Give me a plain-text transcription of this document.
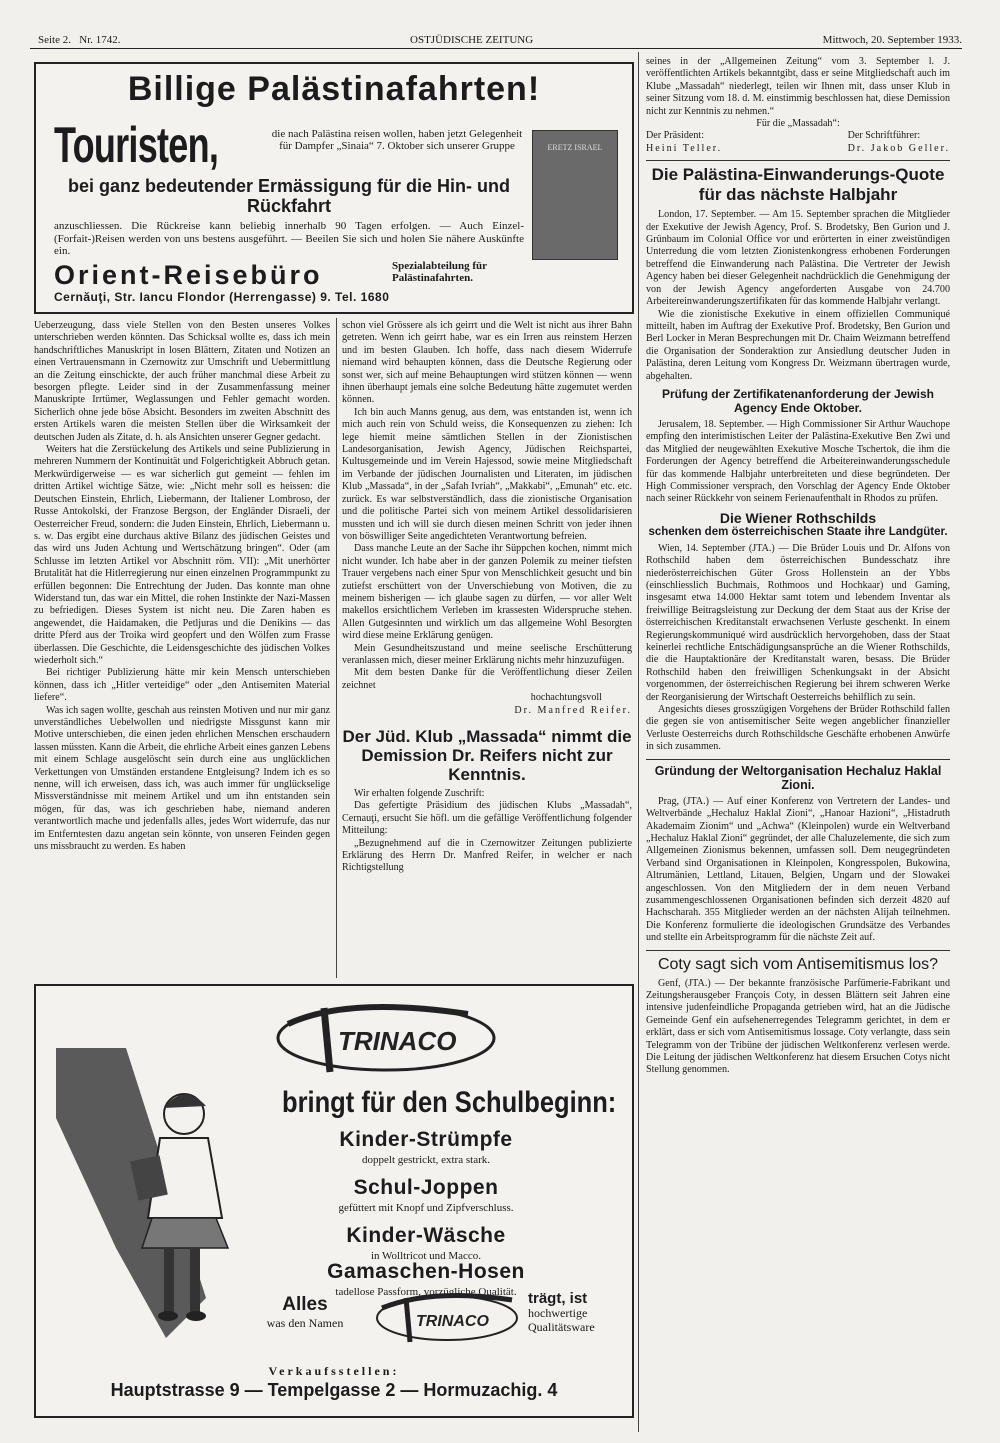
Seite 2. Nr. 1742.	OSTJÜDISCHE ZEITUNG	Mittwoch, 20. September 1933.
Billige Palästinafahrten!
Touristen,	die nach Palästina reisen wollen, haben jetzt Gelegenheit für Dampfer „Sinaia“ 7. Oktober sich unserer Gruppe
bei ganz bedeutender Ermässigung für die Hin- und Rückfahrt
anzuschliessen. Die Rückreise kann beliebig innerhalb 90 Tagen erfolgen. — Auch Einzel-(Forfait-)Reisen werden von uns bestens ausgeführt. — Beeilen Sie sich und holen Sie nähere Auskünfte ein.
Orient-Reisebüro	Spezialabteilung für Palästinafahrten.
Cernăuţi, Str. Iancu Flondor (Herrengasse) 9. Tel. 1680
ERETZ ISRAEL

Ueberzeugung, dass viele Stellen von den Besten unseres Volkes unterschrieben werden könnten. Das Schicksal wollte es, dass ich mein handschriftliches Manuskript in losen Blättern, Zitaten und Notizen an einen Vertrauensmann in Czernowitz zur Umschrift und Uebermittlung an die Zeitung einschickte, der auch früher manchmal diese Arbeit zu besorgen pflegte. Leider sind in der Zusammenfassung meiner Manuskripte Irrtümer, Weglassungen und Fehler gemacht worden. Sicherlich ohne jede böse Absicht. Besonders im zweiten Abschnitt des ersten Artikels waren die meisten Stellen über die Wirksamkeit der deutschen Juden als Zitate, d. h. als Ansichten unserer Gegner gedacht.

Weiters hat die Zerstückelung des Artikels und seine Publizierung in mehreren Nummern der Kontinuität und Folgerichtigkeit Abbruch getan. Merkwürdigerweise — es war sicherlich gut gemeint — fehlen im dritten Artikel wichtige Sätze, wie: „Nicht mehr soll es heissen: die Deutschen Einstein, Ehrlich, Liebermann, der Italiener Lombroso, der Russe Antokolski, der Franzose Bergson, der Engländer Disraeli, der Oesterreicher Freud, sondern: die Juden Einstein, Ehrlich, Liebermann u. s. w. Das ergibt eine durchaus aktive Bilanz des jüdischen Geistes und das wird uns Juden Achtung und Wertschätzung bringen“. Oder (am Schlusse im letzten Artikel vor Abschnitt röm. VII): „Mit unerhörter Brutalität hat die Hitlerregierung nur einen einzelnen Programmpunkt zu erfüllen begonnen: Die Entrechtung der Juden. Das konnte man ohne Widerstand tun, das war ein Mittel, die rohen Instinkte der Nazi-Massen zu befriedigen. Dieses System ist nicht neu. Die Zaren haben es angewendet, die Haidamaken, die Petljuras und die Denikins — das dritte Pferd aus der Troika wird geopfert und den Wölfen zum Frasse überlassen. Die Geschichte, die Leidensgeschichte des jüdischen Volkes wiederholt sich.“

Bei richtiger Publizierung hätte mir kein Mensch unterschieben können, dass ich „Hitler verteidige“ oder „den Antisemiten Material liefere“.

Was ich sagen wollte, geschah aus reinsten Motiven und nur mir ganz unverständliches Uebelwollen und niedrigste Missgunst kann mir Motive unterschieben, die einen jeden ehrlichen Menschen erschaudern lassen müssten. Kann die Arbeit, die ehrliche Arbeit eines ganzen Lebens mit einem Schlage ausgelöscht sein durch eine aus unglücklichen Verkettungen von Umständen erstandene Entgleisung? Indem ich es so nenne, will ich erweisen, dass ich, was auch immer für unglückselige Missverständnisse mit meinem Artikel und um ihn entstanden sein mögen, für das, was ich geschrieben habe, niemand anderen verantwortlich mache und jedenfalls alles, jedes Wort widerrufe, das nur im Entferntesten dazu angetan sein könnte, von unseren Feinden gegen uns missbraucht zu werden. Es haben

schon viel Grössere als ich geirrt und die Welt ist nicht aus ihrer Bahn getreten. Wenn ich geirrt habe, war es ein Irren aus reinstem Herzen und im besten Glauben. Ich hoffe, dass nach diesem Widerrufe niemand wird behaupten können, dass die Deutsche Regierung oder sonst wer, sich auf meine Behauptungen wird stützen können — wenn ihnen überhaupt jemals eine solche Bedeutung hätte zugemutet werden können.

Ich bin auch Manns genug, aus dem, was entstanden ist, wenn ich mich auch rein von Schuld weiss, die Konsequenzen zu ziehen: Ich lege hiemit meine sämtlichen Stellen in der Zionistischen Landesorganisation, Jewish Agency, Jüdischen Reichspartei, Kultusgemeinde und im Verein Hajessod, sowie meine Mitgliedschaft im Verbande der jüdischen Journalisten und Literaten, im jüdischen Klub „Massada“, in der „Safah Ivriah“, „Makkabi“, „Emunah“ etc. etc. zurück. Es war selbstverständlich, dass die zionistische Organisation und die politische Partei sich von meinem Artikel dessolidarisieren mussten und ich will sie durch diesen meinen Schritt von jeder ihnen von böswilliger Seite angedichteten Verantwortung befreien.

Dass manche Leute an der Sache ihr Süppchen kochen, nimmt mich nicht wunder. Ich habe aber in der ganzen Polemik zu meiner tiefsten Trauer vergebens nach einer Spur von Menschlichkeit gesucht und bin zutiefst erschüttert von der Unverschiebung von Motiven, die zu meinem bisherigen — ich glaube sagen zu dürfen, — vor aller Welt makellos ersichtlichem Verleben im krassesten Widerspruche stehen. Allen Gutgesinnten und wirklich um das allgemeine Wohl Besorgten wird diese meine Erklärung genügen.

Mein Gesundheitszustand und meine seelische Erschütterung veranlassen mich, dieser meiner Erklärung nichts mehr hinzuzufügen.

Mit dem besten Danke für die Veröffentlichung dieser Zeilen zeichnet

hochachtungsvoll
Dr. Manfred Reifer.
Der Jüd. Klub „Massada“ nimmt die Demission Dr. Reifers nicht zur Kenntnis.

Wir erhalten folgende Zuschrift:

Das gefertigte Präsidium des jüdischen Klubs „Massadah“, Cernauţi, ersucht Sie höfl. um die gefällige Veröffentlichung folgender Mitteilung:

„Bezugnehmend auf die in Czernowitzer Zeitungen publizierte Erklärung des Herrn Dr. Manfred Reifer, in welcher er nach Richtigstellung

seines in der „Allgemeinen Zeitung“ vom 3. September l. J. veröffentlichten Artikels bekanntgibt, dass er seine Mitgliedschaft auch im Klube „Massadah“ niederlegt, teilen wir Ihnen mit, dass unser Klub in seiner Sitzung vom 18. d. M. einstimmig beschlossen hat, diese Demission nicht zur Kenntnis zu nehmen.“

Für die „Massadah“:
Der Präsident:
Heini Teller.
Der Schriftführer:
Dr. Jakob Geller.
Die Palästina-Einwanderungs-Quote für das nächste Halbjahr

London, 17. September. — Am 15. September sprachen die Mitglieder der Exekutive der Jewish Agency, Prof. S. Brodetsky, Ben Gurion und J. Grünbaum im Colonial Office vor und erörterten in einer zweistündigen Unterredung die vom letzten Zionistenkongress erhobenen Forderungen betreffend die Einwanderung nach Palästina. Die Vertreter der Jewish Agency haben bei dieser Gelegenheit nachdrücklich die Genehmigung der von der Jewish Agency angeforderten Ausgabe von 24.700 Arbeitereinwanderungszertifikaten für das kommende Halbjahr verlangt.

Wie die zionistische Exekutive in einem offiziellen Communiqué mitteilt, haben im Auftrag der Exekutive Prof. Brodetsky, Ben Gurion und Berl Locker in Meran Besprechungen mit Dr. Chaim Weizmann betreffend die Organisation der Sonderaktion zur Ansiedlung deutscher Juden in Palästina, deren Leitung vom Kongress Dr. Weizmann übertragen wurde, abgehalten.

Prüfung der Zertifikatenanforderung der Jewish Agency Ende Oktober.

Jerusalem, 18. September. — High Commissioner Sir Arthur Wauchope empfing den interimistischen Leiter der Palästina-Exekutive Ben Zwi und das Mitglied der neugewählten Exekutive Mosche Tschertok, die ihm die Forderungen der Agency betreffend die Arbeitereinwanderungsschedule für das kommende Halbjahr unterbreiteten und diese begründeten. Der High Commissioner versprach, den Vorschlag der Agency Ende Oktober nach seiner Rückkehr von seinem Ferienaufenthalt in Rhodos zu prüfen.

Die Wiener Rothschilds
schenken dem österreichischen Staate ihre Landgüter.

Wien, 14. September (JTA.) — Die Brüder Louis und Dr. Alfons von Rothschild haben dem österreichischen Bundesschatz ihre niederösterreichischen Güter Gross Hollenstein an der Ybbs (einschliesslich Buchmais, Rothmoos und Hochkaar) und Gaming, insgesamt etwa 14.000 Hektar samt totem und lebendem Inventar als freiwillige Beitragsleistung zur Deckung der dem Staat aus der Krise der österreichischen Kreditanstalt erwachsenen Verluste geschenkt. In einem Regierungskommuniqué wird ausdrücklich hervorgehoben, dass der Staat keinerlei rechtliche Entschädigungsansprüche an die Wiener Rothschilds, die die Hauptaktionäre der Kreditanstalt waren, besass. Die Brüder Rothschild haben den freiwilligen Schenkungsakt in der Absicht vorgenommen, der österreichischen Regierung bei ihrem schweren Werke der Reorganisierung der Wirtschaft Oesterreichs behilflich zu sein.

Angesichts dieses grosszügigen Vorgehens der Brüder Rothschild fallen die gegen sie von antisemitischer Seite wegen angeblicher finanzieller Verluste Oesterreichs durch Rothschildsche Geschäfte erhobenen Anwürfe in sich zusammen.

Gründung der Weltorganisation Hechaluz Haklal Zioni.

Prag, (JTA.) — Auf einer Konferenz von Vertretern der Landes- und Weltverbände „Hechaluz Haklal Zioni“, „Hanoar Hazioni“, „Histadruth Akademaim Zionim“ und „Achwa“ (Kleinpolen) wurde ein Weltverband „Hechaluz Haklal Zioni“ gegründet, der alle Chaluzelemente, die sich zum Allgemeinen Zionismus bekennen, umfassen soll. Dem neugegründeten Verband sind Organisationen in Kleinpolen, Kongresspolen, Bukowina, Altrumänien, Lettland, Litauen, Belgien, Ungarn und der Slowakei angeschlossen. Von den Mitgliedern der in dem neuen Verband zusammengeschlossenen Organisationen befinden sich derzeit 4820 auf Hachscharah. 355 Mitglieder werden an der nächsten Alijah teilnehmen. Die Konferenz formulierte die ideologischen Grundsätze des Verbandes und stellte ein Arbeitsprogramm für die nächste Zeit auf.

Coty sagt sich vom Antisemitismus los?

Genf, (JTA.) — Der bekannte französische Parfümerie-Fabrikant und Zeitungsherausgeber François Coty, in dessen Blättern seit Jahren eine intensive judenfeindliche Propaganda getrieben wird, hat an die Jüdische Gemeinde Genf ein aufsehenerregendes Telegramm gerichtet, in dem er erklärt, dass er sich vom Antisemitismus lossage. Coty verlangte, dass sein Telegramm von der Tribüne der jüdischen Weltkonferenz verlesen werde. Die Leitung der jüdischen Weltkonferenz hat diesem Ersuchen Cotys nicht Stellung genommen.

TRINACO
bringt für den Schulbeginn:
Kinder-Strümpfe
doppelt gestrickt, extra stark.
Schul-Joppen
gefüttert mit Knopf und Zipfverschluss.
Kinder-Wäsche
in Wolltricot und Macco.
Gamaschen-Hosen
tadellose Passform, vorzügliche Qualität.
Alles
was den Namen	TRINACO
trägt, ist
hochwertige Qualitätsware
Verkaufsstellen:
Hauptstrasse 9 — Tempelgasse 2 — Hormuzachig. 4
